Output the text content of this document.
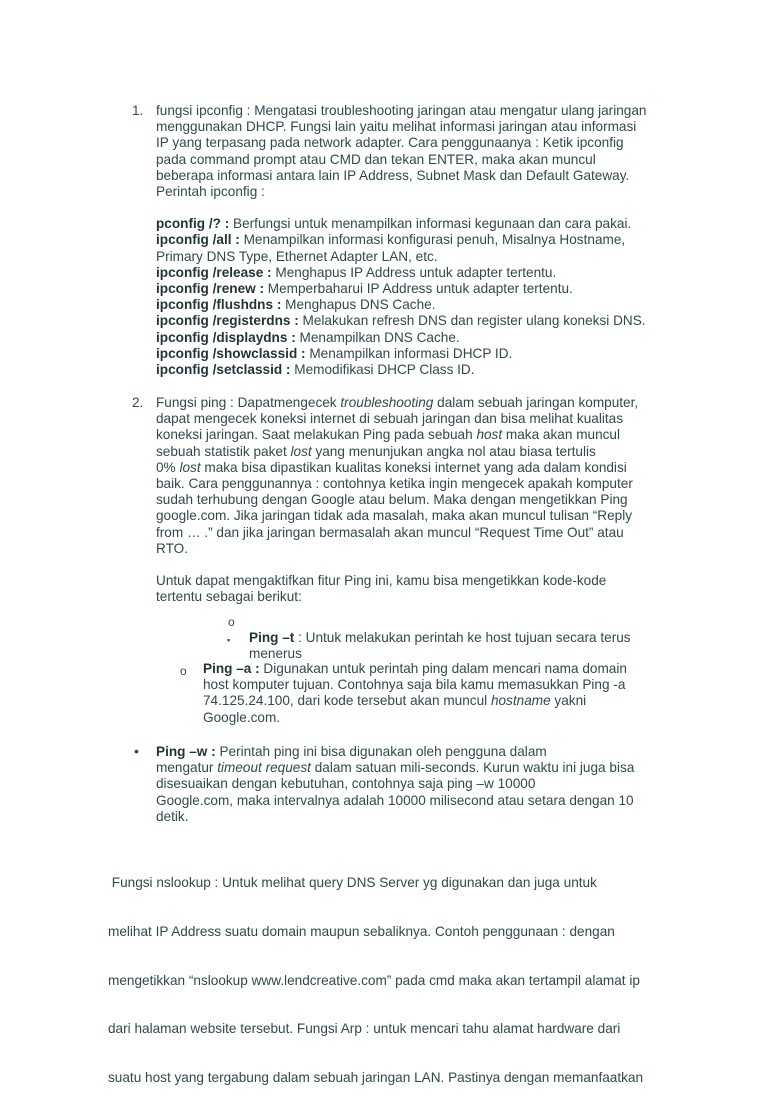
1. fungsi ipconfig : Mengatasi troubleshooting jaringan atau mengatur ulang jaringan

menggunakan DHCP. Fungsi lain yaitu melihat informasi jaringan atau informasi

IP yang terpasang pada network adapter. Cara penggunaanya : Ketik ipconfig

pada command prompt atau CMD dan tekan ENTER, maka akan muncul

beberapa informasi antara lain IP Address, Subnet Mask dan Default Gateway.

Perintah ipconfig :

pconfig /? : Berfungsi untuk menampilkan informasi kegunaan dan cara pakai.

ipconfig /all : Menampilkan informasi konfigurasi penuh, Misalnya Hostname,

Primary DNS Type, Ethernet Adapter LAN, etc.

ipconfig /release : Menghapus IP Address untuk adapter tertentu.

ipconfig /renew : Memperbaharui IP Address untuk adapter tertentu.

ipconfig /flushdns : Menghapus DNS Cache.

ipconfig /registerdns : Melakukan refresh DNS dan register ulang koneksi DNS.

ipconfig /displaydns : Menampilkan DNS Cache.

ipconfig /showclassid : Menampilkan informasi DHCP ID.

ipconfig /setclassid : Memodifikasi DHCP Class ID.

2. Fungsi ping : Dapatmengecek troubleshooting dalam sebuah jaringan komputer,

dapat mengecek koneksi internet di sebuah jaringan dan bisa melihat kualitas

koneksi jaringan. Saat melakukan Ping pada sebuah host maka akan muncul

sebuah statistik paket lost yang menunjukan angka nol atau biasa tertulis

0% lost maka bisa dipastikan kualitas koneksi internet yang ada dalam kondisi

baik. Cara penggunannya : contohnya ketika ingin mengecek apakah komputer

sudah terhubung dengan Google atau belum. Maka dengan mengetikkan Ping

google.com. Jika jaringan tidak ada masalah, maka akan muncul tulisan “Reply

from … .” dan jika jaringan bermasalah akan muncul “Request Time Out” atau

RTO.

Untuk dapat mengaktifkan fitur Ping ini, kamu bisa mengetikkan kode-kode

tertentu sebagai berikut:

o
▪ Ping –t : Untuk melakukan perintah ke host tujuan secara terus

menerus

o Ping –a : Digunakan untuk perintah ping dalam mencari nama domain

host komputer tujuan. Contohnya saja bila kamu memasukkan Ping -a

74.125.24.100, dari kode tersebut akan muncul hostname yakni

Google.com.

• Ping –w : Perintah ping ini bisa digunakan oleh pengguna dalam

mengatur timeout request dalam satuan mili-seconds. Kurun waktu ini juga bisa

disesuaikan dengan kebutuhan, contohnya saja ping –w 10000

Google.com, maka intervalnya adalah 10000 milisecond atau setara dengan 10

detik.

Fungsi nslookup : Untuk melihat query DNS Server yg digunakan dan juga untuk

melihat IP Address suatu domain maupun sebaliknya. Contoh penggunaan : dengan

mengetikkan “nslookup www.lendcreative.com” pada cmd maka akan tertampil alamat ip

dari halaman website tersebut. Fungsi Arp : untuk mencari tahu alamat hardware dari

suatu host yang tergabung dalam sebuah jaringan LAN. Pastinya dengan memanfaatkan
